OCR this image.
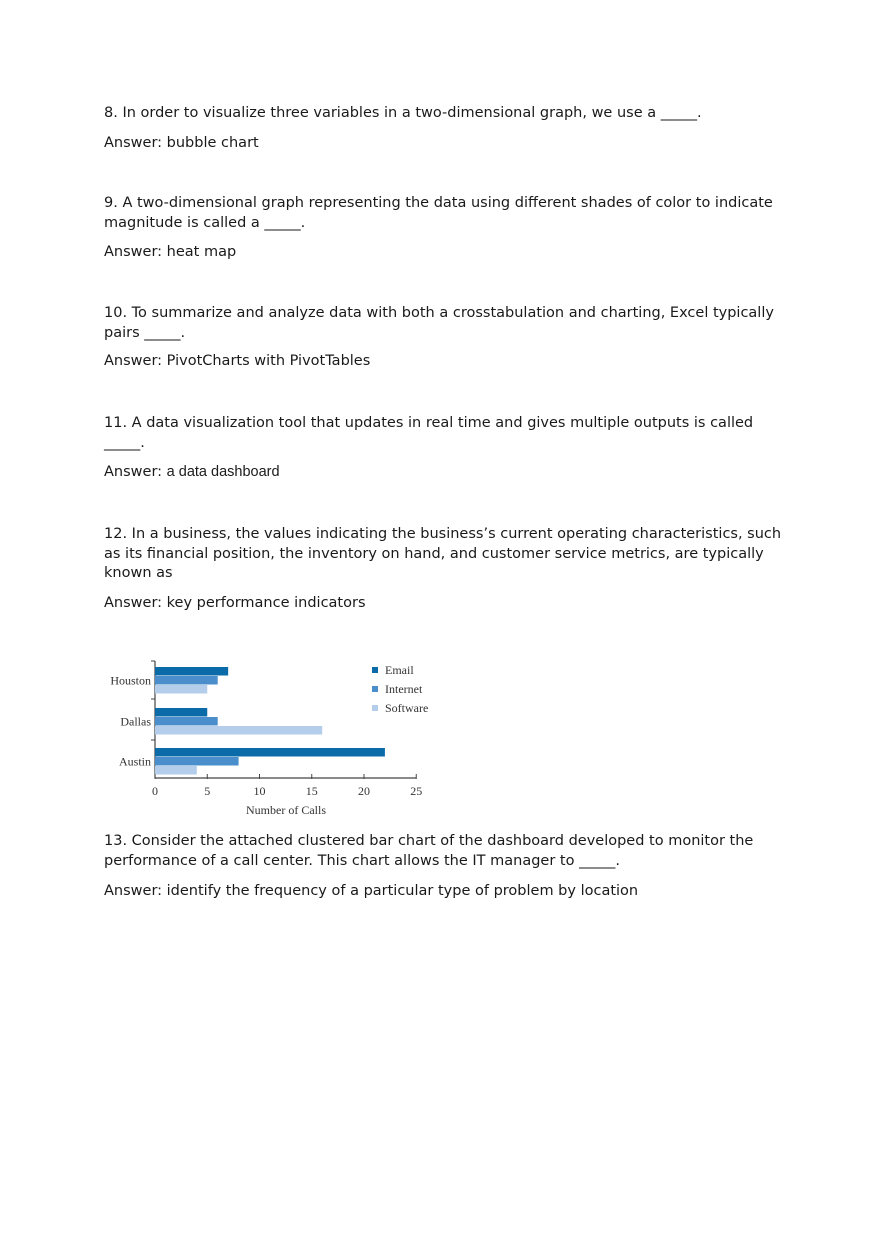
8. In order to visualize three variables in a two-dimensional graph, we use a _____.

Answer: bubble chart

9. A two-dimensional graph representing the data using different shades of color to indicate magnitude is called a _____.

Answer: heat map

10. To summarize and analyze data with both a crosstabulation and charting, Excel typically pairs _____.

Answer: PivotCharts with PivotTables

11. A data visualization tool that updates in real time and gives multiple outputs is called _____.

Answer: a data dashboard

12. In a business, the values indicating the business’s current operating characteristics, such as its financial position, the inventory on hand, and customer service metrics, are typically known as

Answer: key performance indicators

Houston
Dallas
Austin
0	5	10	15	20	25
Number of Calls
Email
Internet
Software

13. Consider the attached clustered bar chart of the dashboard developed to monitor the performance of a call center. This chart allows the IT manager to _____.

Answer: identify the frequency of a particular type of problem by location
